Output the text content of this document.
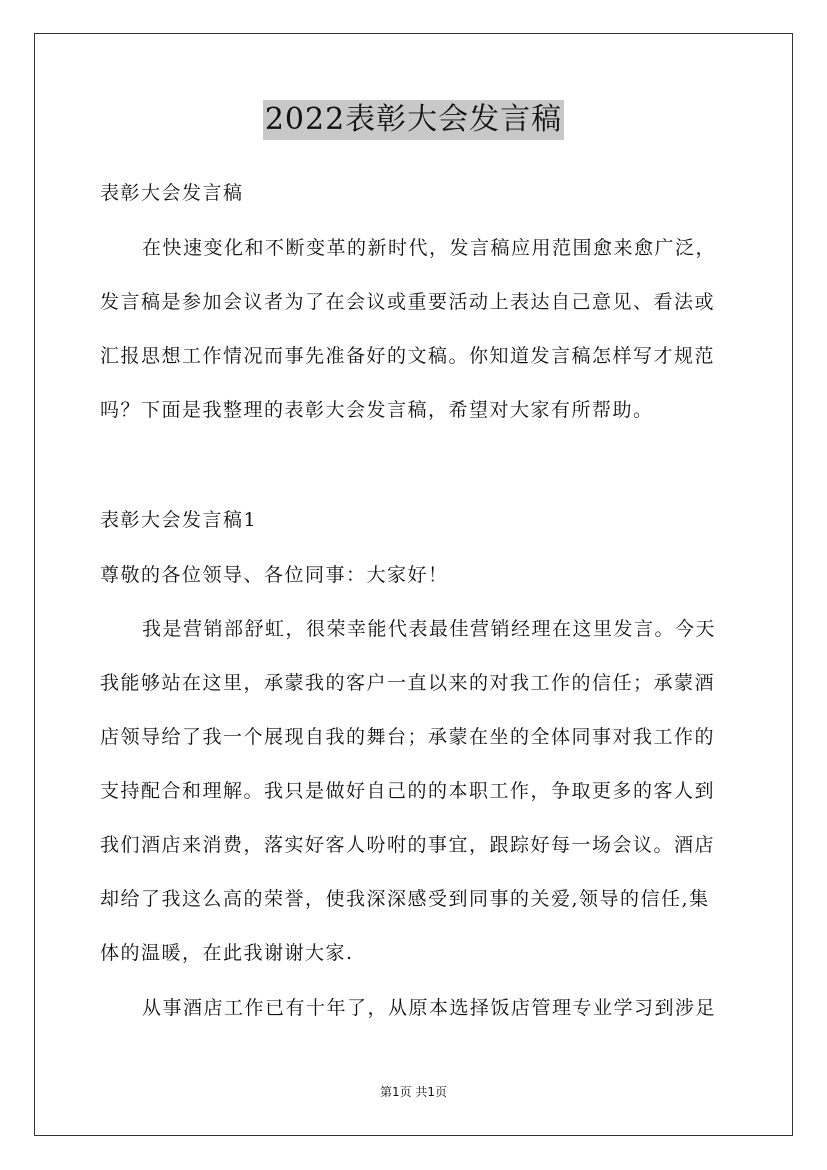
2022表彰大会发言稿
表彰大会发言稿
在快速变化和不断变革的新时代，发言稿应用范围愈来愈广泛，
发言稿是参加会议者为了在会议或重要活动上表达自己意见、看法或
汇报思想工作情况而事先准备好的文稿。你知道发言稿怎样写才规范
吗？下面是我整理的表彰大会发言稿，希望对大家有所帮助。
表彰大会发言稿1
尊敬的各位领导、各位同事：大家好！
我是营销部舒虹，很荣幸能代表最佳营销经理在这里发言。今天
我能够站在这里，承蒙我的客户一直以来的对我工作的信任；承蒙酒
店领导给了我一个展现自我的舞台；承蒙在坐的全体同事对我工作的
支持配合和理解。我只是做好自己的的本职工作，争取更多的客人到
我们酒店来消费，落实好客人吩咐的事宜，跟踪好每一场会议。酒店
却给了我这么高的荣誉，使我深深感受到同事的关爱,领导的信任,集
体的温暖，在此我谢谢大家.
从事酒店工作已有十年了，从原本选择饭店管理专业学习到涉足
第1页 共1页
